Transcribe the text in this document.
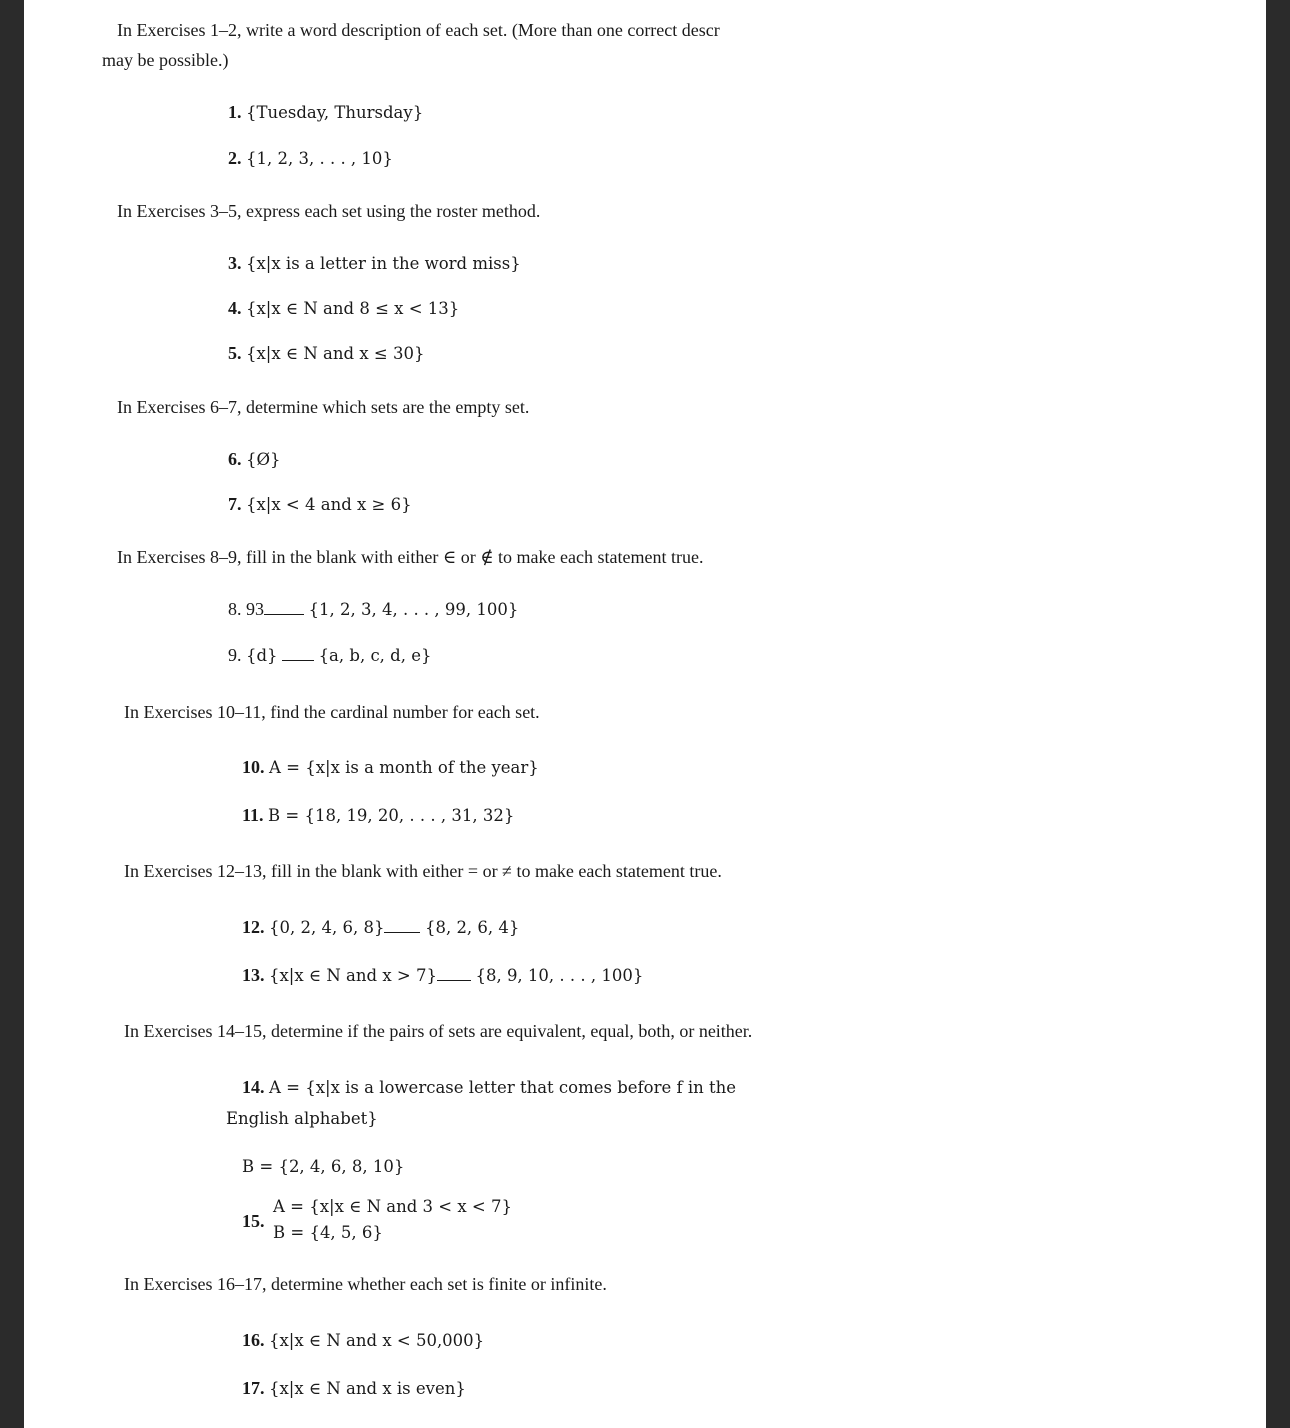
In Exercises 1–2, write a word description of each set. (More than one correct descr
may be possible.)
1. {Tuesday, Thursday}
2. {1, 2, 3, . . . , 10}
In Exercises 3–5, express each set using the roster method.
3. {x|x is a letter in the word miss}
4. {x|x ∈ N and 8 ≤ x < 13}
5. {x|x ∈ N and x ≤ 30}
In Exercises 6–7, determine which sets are the empty set.
6. {Ø}
7. {x|x < 4 and x ≥ 6}
In Exercises 8–9, fill in the blank with either ∈ or ∉ to make each statement true.
8. 93	{1, 2, 3, 4, . . . , 99, 100}
9. {d} {a, b, c, d, e}
In Exercises 10–11, find the cardinal number for each set.
10. A = {x|x is a month of the year}
11. B = {18, 19, 20, . . . , 31, 32}
In Exercises 12–13, fill in the blank with either = or ≠ to make each statement true.
12. {0, 2, 4, 6, 8} {8, 2, 6, 4}
13. {x|x ∈ N and x > 7} {8, 9, 10, . . . , 100}
In Exercises 14–15, determine if the pairs of sets are equivalent, equal, both, or neither.
14. A = {x|x is a lowercase letter that comes before f in the
English alphabet}
B = {2, 4, 6, 8, 10}
15.
A = {x|x ∈ N and 3 < x < 7}
B = {4, 5, 6}
In Exercises 16–17, determine whether each set is finite or infinite.
16. {x|x ∈ N and x < 50,000}
17. {x|x ∈ N and x is even}
